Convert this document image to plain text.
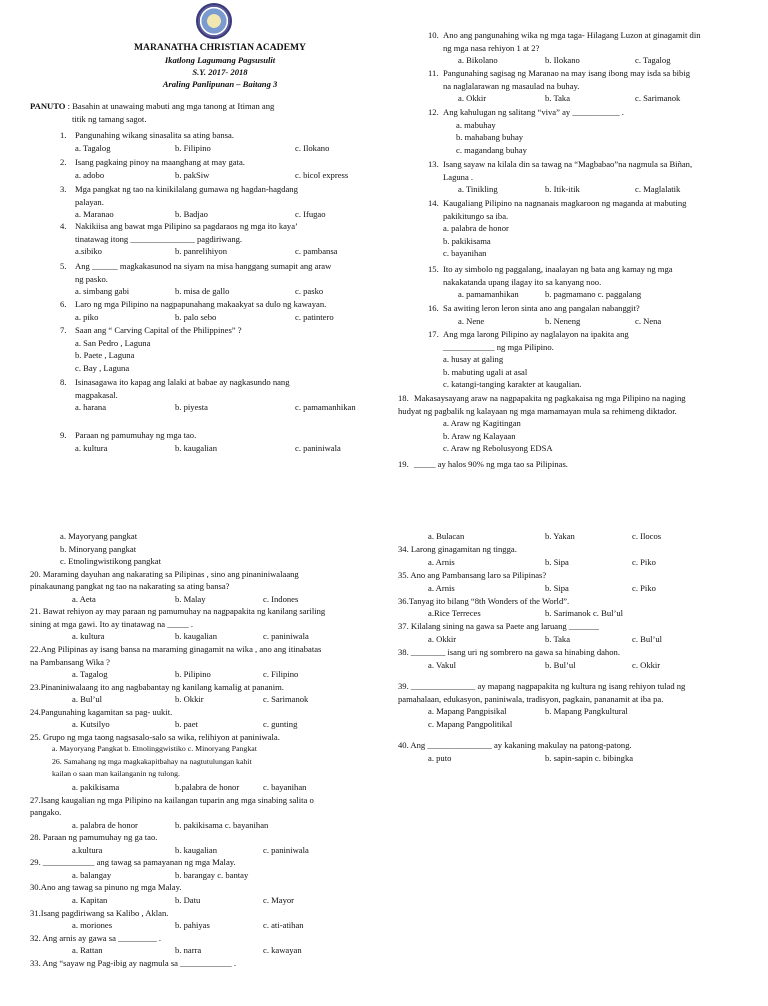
MARANATHA CHRISTIAN ACADEMY
Ikatlong Lagumang Pagsusulit
S.Y. 2017- 2018
Araling Panlipunan – Baitang 3
PANUTO : Basahin at unawaing mabuti ang mga tanong at Itiman ang
titik ng tamang sagot.
1. Pangunahing wikang sinasalita sa ating bansa.
a. Tagalog	b. Filipino	c. Ilokano
2. Isang pagkaing pinoy na maanghang at may gata.
a. adobo	b. pakSiw	c. bicol express
3. Mga pangkat ng tao na kinikilalang gumawa ng hagdan-hagdang
palayan.
a. Maranao	b. Badjao	c. Ifugao
4. Nakikiisa ang bawat mga Pilipino sa pagdaraos ng mga ito kaya’
tinatawag itong _______________ pagdiriwang.
a.sibiko	b. panrelihiyon	c. pambansa
5. Ang ______ magkakasunod na siyam na misa hanggang sumapit ang araw
ng pasko.
a. simbang gabi	b. misa de gallo	c. pasko
6. Laro ng mga Pilipino na nagpapunahang makaakyat sa dulo ng kawayan.
a. piko	b. palo sebo	c. patintero
7. Saan ang “ Carving Capital of the Philippines” ?
a. San Pedro , Laguna
b. Paete , Laguna
c. Bay , Laguna
8. Isinasagawa ito kapag ang lalaki at babae ay nagkasundo nang
magpakasal.
a. harana	b. piyesta	c. pamamanhikan
9. Paraan ng pamumuhay ng mga tao.
a. kultura	b. kaugalian	c. paniniwala
10. Ano ang pangunahing wika ng mga taga- Hilagang Luzon at ginagamit din
ng mga nasa rehiyon 1 at 2?
a. Bikolano	b. Ilokano	c. Tagalog
11. Pangunahing sagisag ng Maranao na may isang ibong may isda sa bibig
na naglalarawan ng masaulad na buhay.
a. Okkir	b. Taka	c. Sarimanok
12. Ang kahulugan ng salitang “viva” ay ___________ .
a. mabuhay
b. mahabang buhay
c. magandang buhay
13. Isang sayaw na kilala din sa tawag na “Magbabao”na nagmula sa Biñan,
Laguna .
a. Tinikling	b. Itik-itik	c. Maglalatik
14. Kaugaliang Pilipino na nagnanais magkaroon ng maganda at mabuting
pakikitungo sa iba.
a. palabra de honor
b. pakikisama
c. bayanihan
15. Ito ay simbolo ng paggalang, inaalayan ng bata ang kamay ng mga
nakakatanda upang ilagay ito sa kanyang noo.
a. pamamanhikan	b. pagmamano c. paggalang
16. Sa awiting leron leron sinta ano ang pangalan nabanggit?
a. Nene	b. Neneng	c. Nena
17. Ang mga larong Pilipino ay naglalayon na ipakita ang
____________ ng mga Pilipino.
a. husay at galing
b. mabuting ugali at asal
c. katangi-tanging karakter at kaugalian.
18. Makasaysayang araw na nagpapakita ng pagkakaisa ng mga Pilipino na naging
hudyat ng pagbalik ng kalayaan ng mga mamamayan mula sa rehimeng diktador.
a. Araw ng Kagitingan
b. Araw ng Kalayaan
c. Araw ng Rebolusyong EDSA
19. _____ ay halos 90% ng mga tao sa Pilipinas.
a. Mayoryang pangkat
b. Minoryang pangkat
c. Etnolingwistikong pangkat
20. Maraming dayuhan ang nakarating sa Pilipinas , sino ang pinaniniwalaang
pinakaunang pangkat ng tao na nakarating sa ating bansa?
a. Aeta	b. Malay	c. Indones
21. Bawat rehiyon ay may paraan ng pamumuhay na nagpapakita ng kanilang sariling
sining at mga gawi. Ito ay tinatawag na _____ .
a. kultura	b. kaugalian	c. paniniwala
22.Ang Pilipinas ay isang bansa na maraming ginagamit na wika , ano ang itinabatas
na Pambansang Wika ?
a. Tagalog	b. Pilipino	c. Filipino
23.Pinaniniwalaang ito ang nagbabantay ng kanilang kamalig at pananim.
a. Bul’ul	b. Okkir	c. Sarimanok
24.Pangunahing kagamitan sa pag- uukit.
a. Kutsilyo	b. paet	c. gunting
25. Grupo ng mga taong nagsasalo-salo sa wika, relihiyon at paniniwala.
a. Mayoryang Pangkat b. Etnolinggwistiko c. Minoryang Pangkat
26. Samahang ng mga magkakapitbahay na nagtutulungan kahit
kailan o saan man kailanganin ng tulong.
a. pakikisama	b.palabra de honor	c. bayanihan
27.Isang kaugalian ng mga Pilipino na kailangan tuparin ang mga sinabing salita o
pangako.
a. palabra de honor	b. pakikisama c. bayanihan
28. Paraan ng pamumuhay ng ga tao.
a.kultura	b. kaugalian	c. paniniwala
29. ____________ ang tawag sa pamayanan ng mga Malay.
a. balangay	b. barangay c. bantay
30.Ano ang tawag sa pinuno ng mga Malay.
a. Kapitan	b. Datu	c. Mayor
31.Isang pagdiriwang sa Kalibo , Aklan.
a. moriones	b. pahiyas	c. ati-atihan
32. Ang arnis ay gawa sa _________ .
a. Rattan	b. narra	c. kawayan
33. Ang “sayaw ng Pag-ibig ay nagmula sa ____________ .
a. Bulacan	b. Yakan	c. Ilocos
34. Larong ginagamitan ng tingga.
a. Arnis	b. Sipa	c. Piko
35. Ano ang Pambansang laro sa Pilipinas?
a. Arnis	b. Sipa	c. Piko
36.Tanyag ito bilang “8th Wonders of the World”.
a.Rice Terreces	b. Sarimanok c. Bul’ul
37. Kilalang sining na gawa sa Paete ang laruang _______
a. Okkir	b. Taka	c. Bul’ul
38. ________ isang uri ng sombrero na gawa sa hinabing dahon.
a. Vakul	b. Bul’ul	c. Okkir
39. _______________ ay mapang nagpapakita ng kultura ng isang rehiyon tulad ng
pamahalaan, edukasyon, paniniwala, tradisyon, pagkain, pananamit at iba pa.
a. Mapang Pangpisikal	b. Mapang Pangkultural
c. Mapang Pangpolitikal
40. Ang _______________ ay kakaning makulay na patong-patong.
a. puto	b. sapin-sapin c. bibingka
